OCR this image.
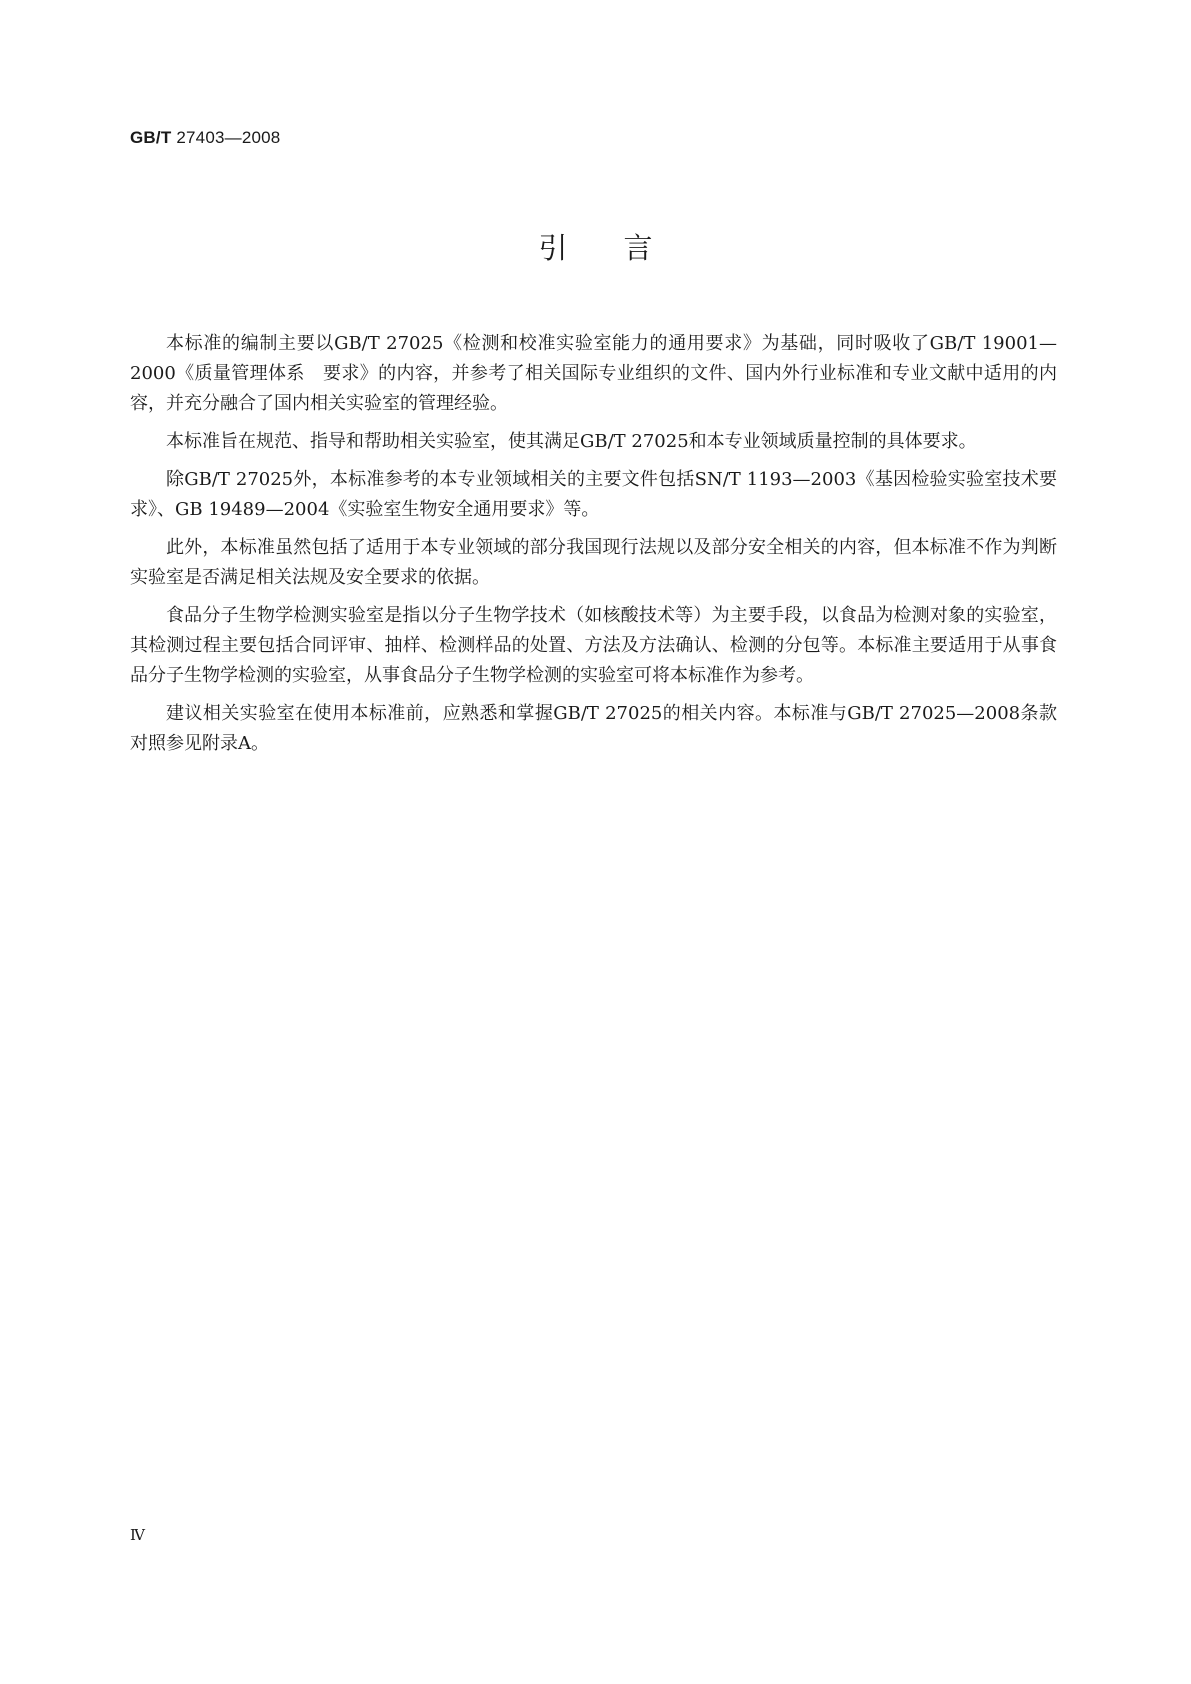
GB/T 27403—2008
引言

本标准的编制主要以GB/T 27025《检测和校准实验室能力的通用要求》为基础，同时吸收了GB/T 19001—2000《质量管理体系　要求》的内容，并参考了相关国际专业组织的文件、国内外行业标准和专业文献中适用的内容，并充分融合了国内相关实验室的管理经验。

本标准旨在规范、指导和帮助相关实验室，使其满足GB/T 27025和本专业领域质量控制的具体要求。

除GB/T 27025外，本标准参考的本专业领域相关的主要文件包括SN/T 1193—2003《基因检验实验室技术要求》、GB 19489—2004《实验室生物安全通用要求》等。

此外，本标准虽然包括了适用于本专业领域的部分我国现行法规以及部分安全相关的内容，但本标准不作为判断实验室是否满足相关法规及安全要求的依据。

食品分子生物学检测实验室是指以分子生物学技术（如核酸技术等）为主要手段，以食品为检测对象的实验室，其检测过程主要包括合同评审、抽样、检测样品的处置、方法及方法确认、检测的分包等。本标准主要适用于从事食品分子生物学检测的实验室，从事食品分子生物学检测的实验室可将本标准作为参考。

建议相关实验室在使用本标准前，应熟悉和掌握GB/T 27025的相关内容。本标准与GB/T 27025—2008条款对照参见附录A。

Ⅳ
